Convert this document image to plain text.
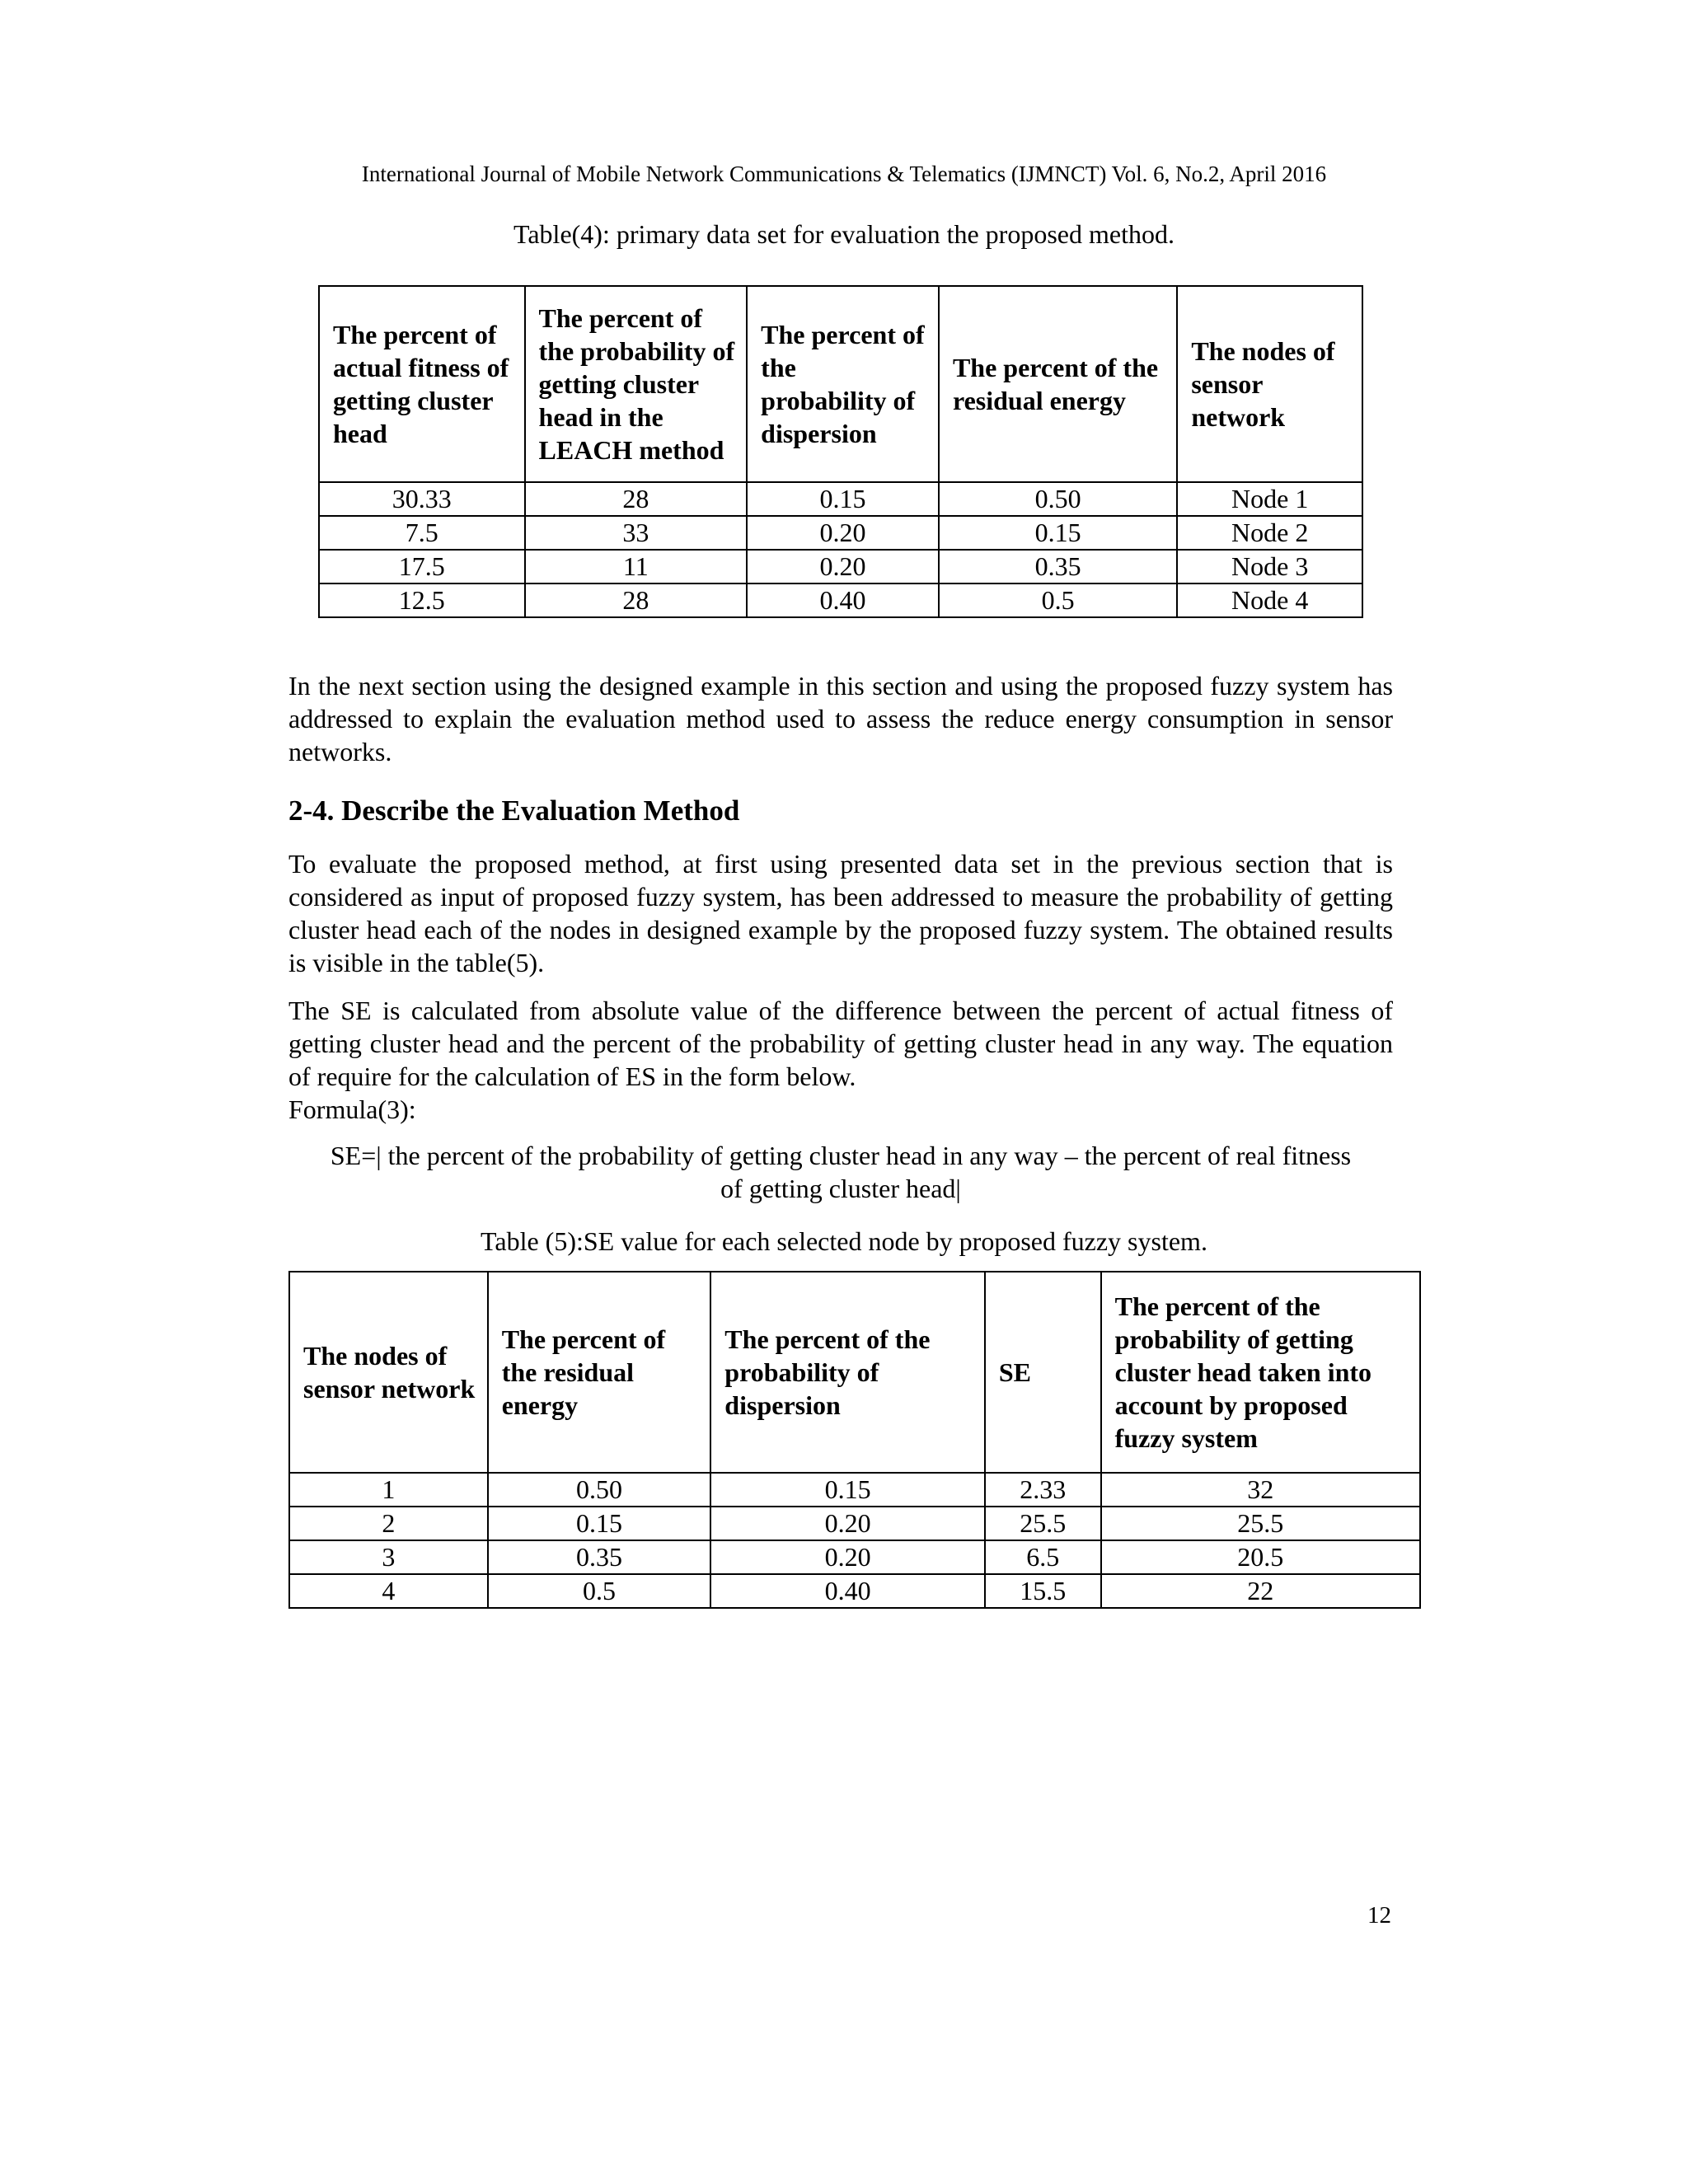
International Journal of Mobile Network Communications & Telematics (IJMNCT) Vol. 6, No.2, April 2016
Table(4): primary data set for evaluation the proposed method.
The percent of actual fitness of getting cluster head	The percent of the probability of getting cluster head in the LEACH method	The percent of the probability of dispersion	The percent of the residual energy	The nodes of sensor network
30.33	28	0.15	0.50	Node 1
7.5	33	0.20	0.15	Node 2
17.5	11	0.20	0.35	Node 3
12.5	28	0.40	0.5	Node 4

In the next section using the designed example in this section and using the proposed fuzzy system has addressed to explain the evaluation method used to assess the reduce energy consumption in sensor networks.

2-4. Describe the Evaluation Method

To evaluate the proposed method, at first using presented data set in the previous section that is considered as input of proposed fuzzy system, has been addressed to measure the probability of getting cluster head each of the nodes in designed example by the proposed fuzzy system. The obtained results is visible in the table(5).

The SE is calculated from absolute value of the difference between the percent of actual fitness of getting cluster head and the percent of the probability of getting cluster head in any way. The equation of require for the calculation of ES in the form below.

Formula(3):

SE=| the percent of the probability of getting cluster head in any way – the percent of real fitness

of getting cluster head|

Table (5):SE value for each selected node by proposed fuzzy system.
The nodes of sensor network	The percent of the residual energy	The percent of the probability of dispersion	SE	The percent of the probability of getting cluster head taken into account by proposed fuzzy system
1	0.50	0.15	2.33	32
2	0.15	0.20	25.5	25.5
3	0.35	0.20	6.5	20.5
4	0.5	0.40	15.5	22
12
